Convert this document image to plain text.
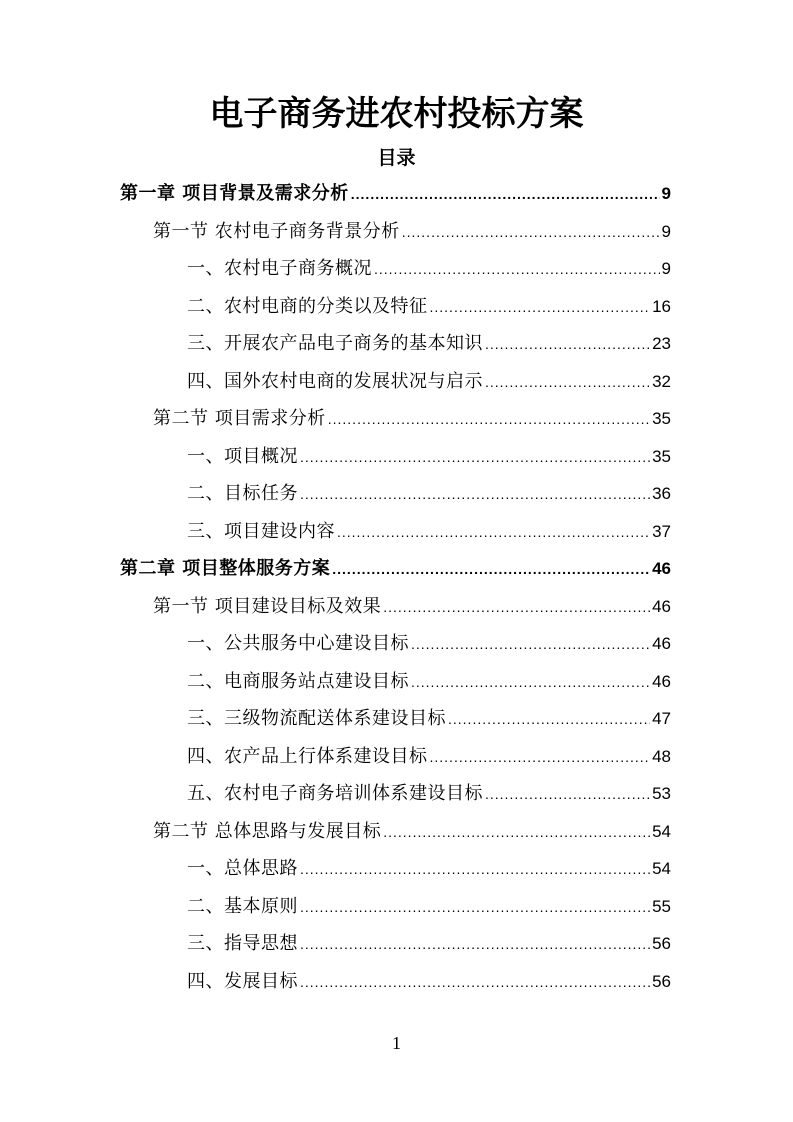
电子商务进农村投标方案
目录
第一章 项目背景及需求分析 .....	9
第一节 农村电子商务背景分析 .....	9
一、农村电子商务概况 .....	9
二、农村电商的分类以及特征 .....	16
三、开展农产品电子商务的基本知识 .....	23
四、国外农村电商的发展状况与启示 .....	32
第二节 项目需求分析 .....	35
一、项目概况 .....	35
二、目标任务 .....	36
三、项目建设内容 .....	37
第二章 项目整体服务方案 .....	46
第一节 项目建设目标及效果 .....	46
一、公共服务中心建设目标 .....	46
二、电商服务站点建设目标 .....	46
三、三级物流配送体系建设目标 .....	47
四、农产品上行体系建设目标 .....	48
五、农村电子商务培训体系建设目标 .....	53
第二节 总体思路与发展目标 .....	54
一、总体思路 .....	54
二、基本原则 .....	55
三、指导思想 .....	56
四、发展目标 .....	56
1
